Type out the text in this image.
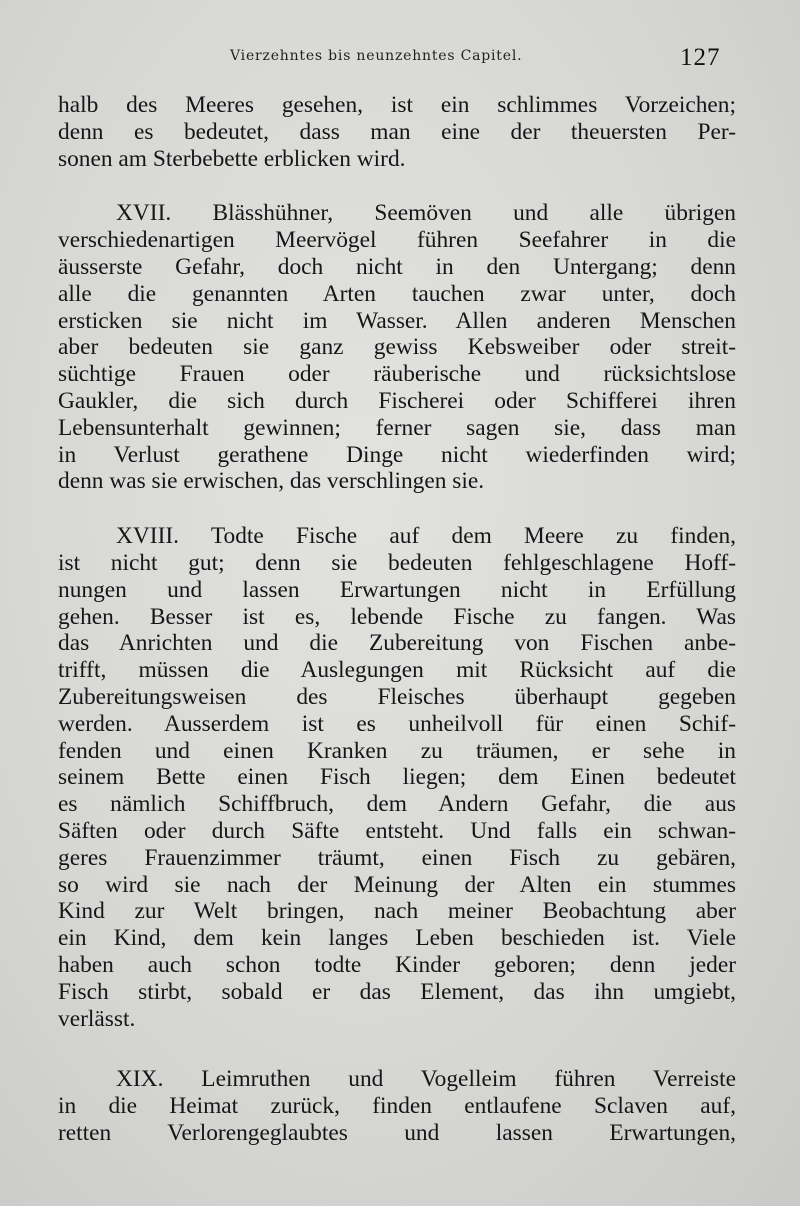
Vierzehntes bis neunzehntes Capitel.	127
halb des Meeres gesehen, ist ein schlimmes Vorzeichen;
denn es bedeutet, dass man eine der theuersten Per-
sonen am Sterbebette erblicken wird.
XVII. Blässhühner, Seemöven und alle übrigen
verschiedenartigen Meervögel führen Seefahrer in die
äusserste Gefahr, doch nicht in den Untergang; denn
alle die genannten Arten tauchen zwar unter, doch
ersticken sie nicht im Wasser. Allen anderen Menschen
aber bedeuten sie ganz gewiss Kebsweiber oder streit-
süchtige Frauen oder räuberische und rücksichtslose
Gaukler, die sich durch Fischerei oder Schifferei ihren
Lebensunterhalt gewinnen; ferner sagen sie, dass man
in Verlust gerathene Dinge nicht wiederfinden wird;
denn was sie erwischen, das verschlingen sie.
XVIII. Todte Fische auf dem Meere zu finden,
ist nicht gut; denn sie bedeuten fehlgeschlagene Hoff-
nungen und lassen Erwartungen nicht in Erfüllung
gehen. Besser ist es, lebende Fische zu fangen. Was
das Anrichten und die Zubereitung von Fischen anbe-
trifft, müssen die Auslegungen mit Rücksicht auf die
Zubereitungsweisen des Fleisches überhaupt gegeben
werden. Ausserdem ist es unheilvoll für einen Schif-
fenden und einen Kranken zu träumen, er sehe in
seinem Bette einen Fisch liegen; dem Einen bedeutet
es nämlich Schiffbruch, dem Andern Gefahr, die aus
Säften oder durch Säfte entsteht. Und falls ein schwan-
geres Frauenzimmer träumt, einen Fisch zu gebären,
so wird sie nach der Meinung der Alten ein stummes
Kind zur Welt bringen, nach meiner Beobachtung aber
ein Kind, dem kein langes Leben beschieden ist. Viele
haben auch schon todte Kinder geboren; denn jeder
Fisch stirbt, sobald er das Element, das ihn umgiebt,
verlässt.
XIX. Leimruthen und Vogelleim führen Verreiste
in die Heimat zurück, finden entlaufene Sclaven auf,
retten Verlorengeglaubtes und lassen Erwartungen,
